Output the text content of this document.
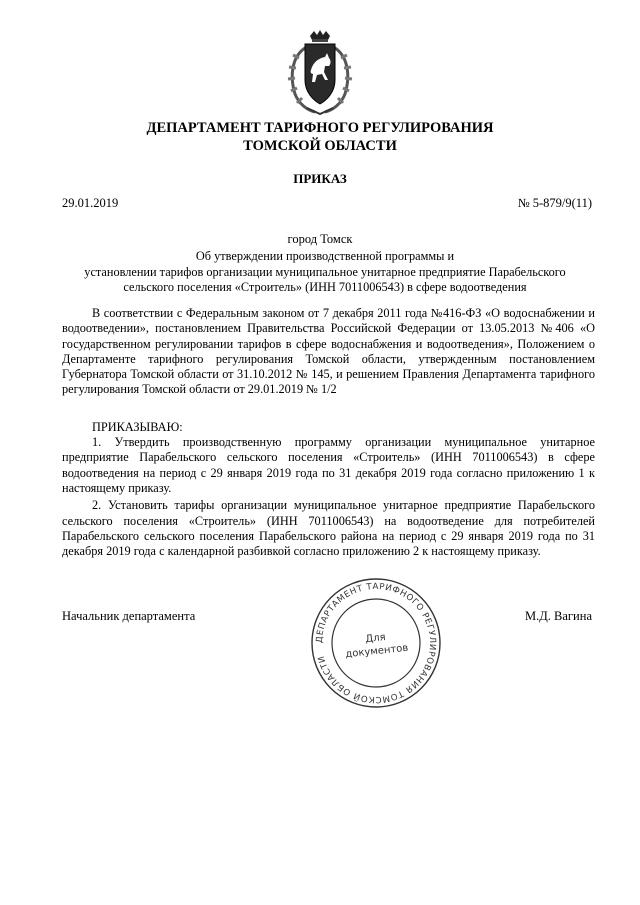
ДЕПАРТАМЕНТ ТАРИФНОГО РЕГУЛИРОВАНИЯ
ТОМСКОЙ ОБЛАСТИ
ПРИКАЗ
29.01.2019	№ 5-879/9(11)
город Томск
Об утверждении производственной программы и
установлении тарифов организации муниципальное унитарное предприятие Парабельского
сельского поселения «Строитель» (ИНН 7011006543) в сфере водоотведения

В соответствии с Федеральным законом от 7 декабря 2011 года №416-ФЗ «О водоснабжении и водоотведении», постановлением Правительства Российской Федерации от 13.05.2013 №406 «О государственном регулировании тарифов в сфере водоснабжения и водоотведения», Положением о Департаменте тарифного регулирования Томской области, утвержденным постановлением Губернатора Томской области от 31.10.2012 № 145, и решением Правления Департамента тарифного регулирования Томской области от 29.01.2019 № 1/2

ПРИКАЗЫВАЮ:

1. Утвердить производственную программу организации муниципальное унитарное предприятие Парабельского сельского поселения «Строитель» (ИНН 7011006543) в сфере водоотведения на период с 29 января 2019 года по 31 декабря 2019 года согласно приложению 1 к настоящему приказу.

2. Установить тарифы организации муниципальное унитарное предприятие Парабельского сельского поселения «Строитель» (ИНН 7011006543) на водоотведение для потребителей Парабельского сельского поселения Парабельского района на период с 29 января 2019 года по 31 декабря 2019 года с календарной разбивкой согласно приложению 2 к настоящему приказу.

Начальник департамента	М.Д. Вагина
ДЕПАРТАМЕНТ ТАРИФНОГО РЕГУЛИРОВАНИЯ ТОМСКОЙ ОБЛАСТИ
Для
документов
